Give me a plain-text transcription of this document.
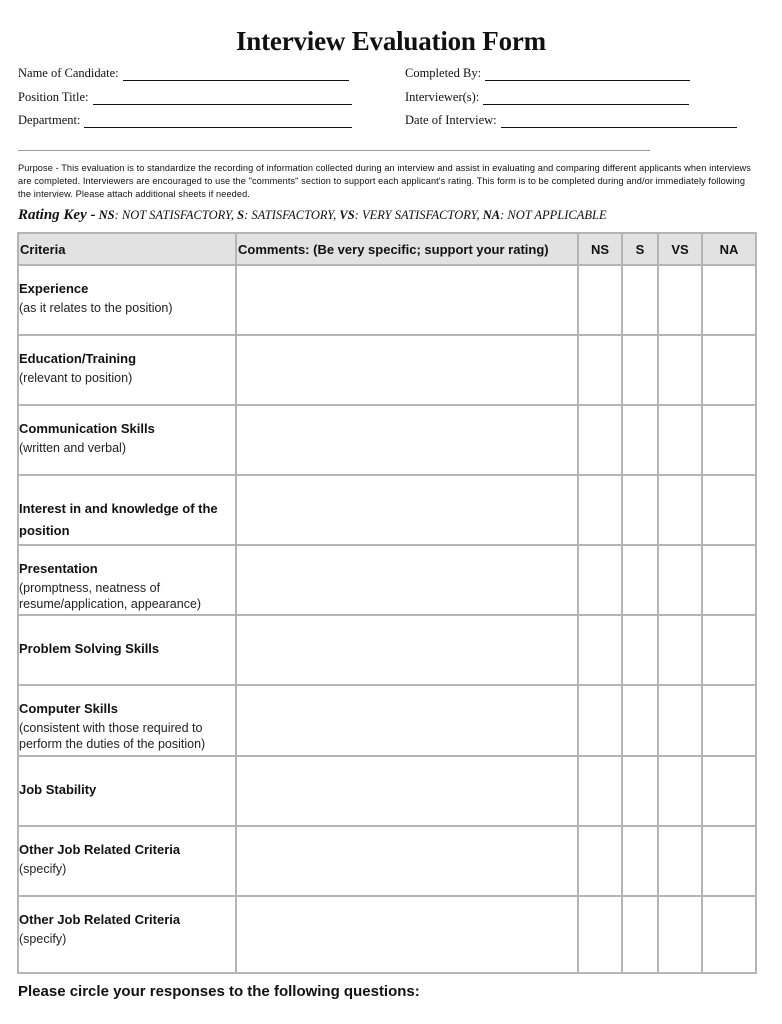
Interview Evaluation Form
Name of Candidate:
Position Title:
Department:
Completed By:
Interviewer(s):
Date of Interview:
Purpose - This evaluation is to standardize the recording of information collected during an interview and assist in evaluating and comparing different applicants when interviews are completed. Interviewers are encouraged to use the "comments" section to support each applicant's rating. This form is to be completed during and/or immediately following the interview. Please attach additional sheets if needed.
Rating Key - NS: NOT SATISFACTORY, S: SATISFACTORY, VS: VERY SATISFACTORY, NA: NOT APPLICABLE
Criteria	Comments: (Be very specific; support your rating)	NS	S	VS	NA

Experience
(as it relates to the position)					

Education/Training
(relevant to position)					

Communication Skills
(written and verbal)					

Interest in and knowledge of the position					

Presentation
(promptness, neatness of resume/application, appearance)					

Problem Solving Skills					

Computer Skills
(consistent with those required to perform the duties of the position)					

Job Stability					

Other Job Related Criteria
(specify)					

Other Job Related Criteria
(specify)					

Please circle your responses to the following questions:
